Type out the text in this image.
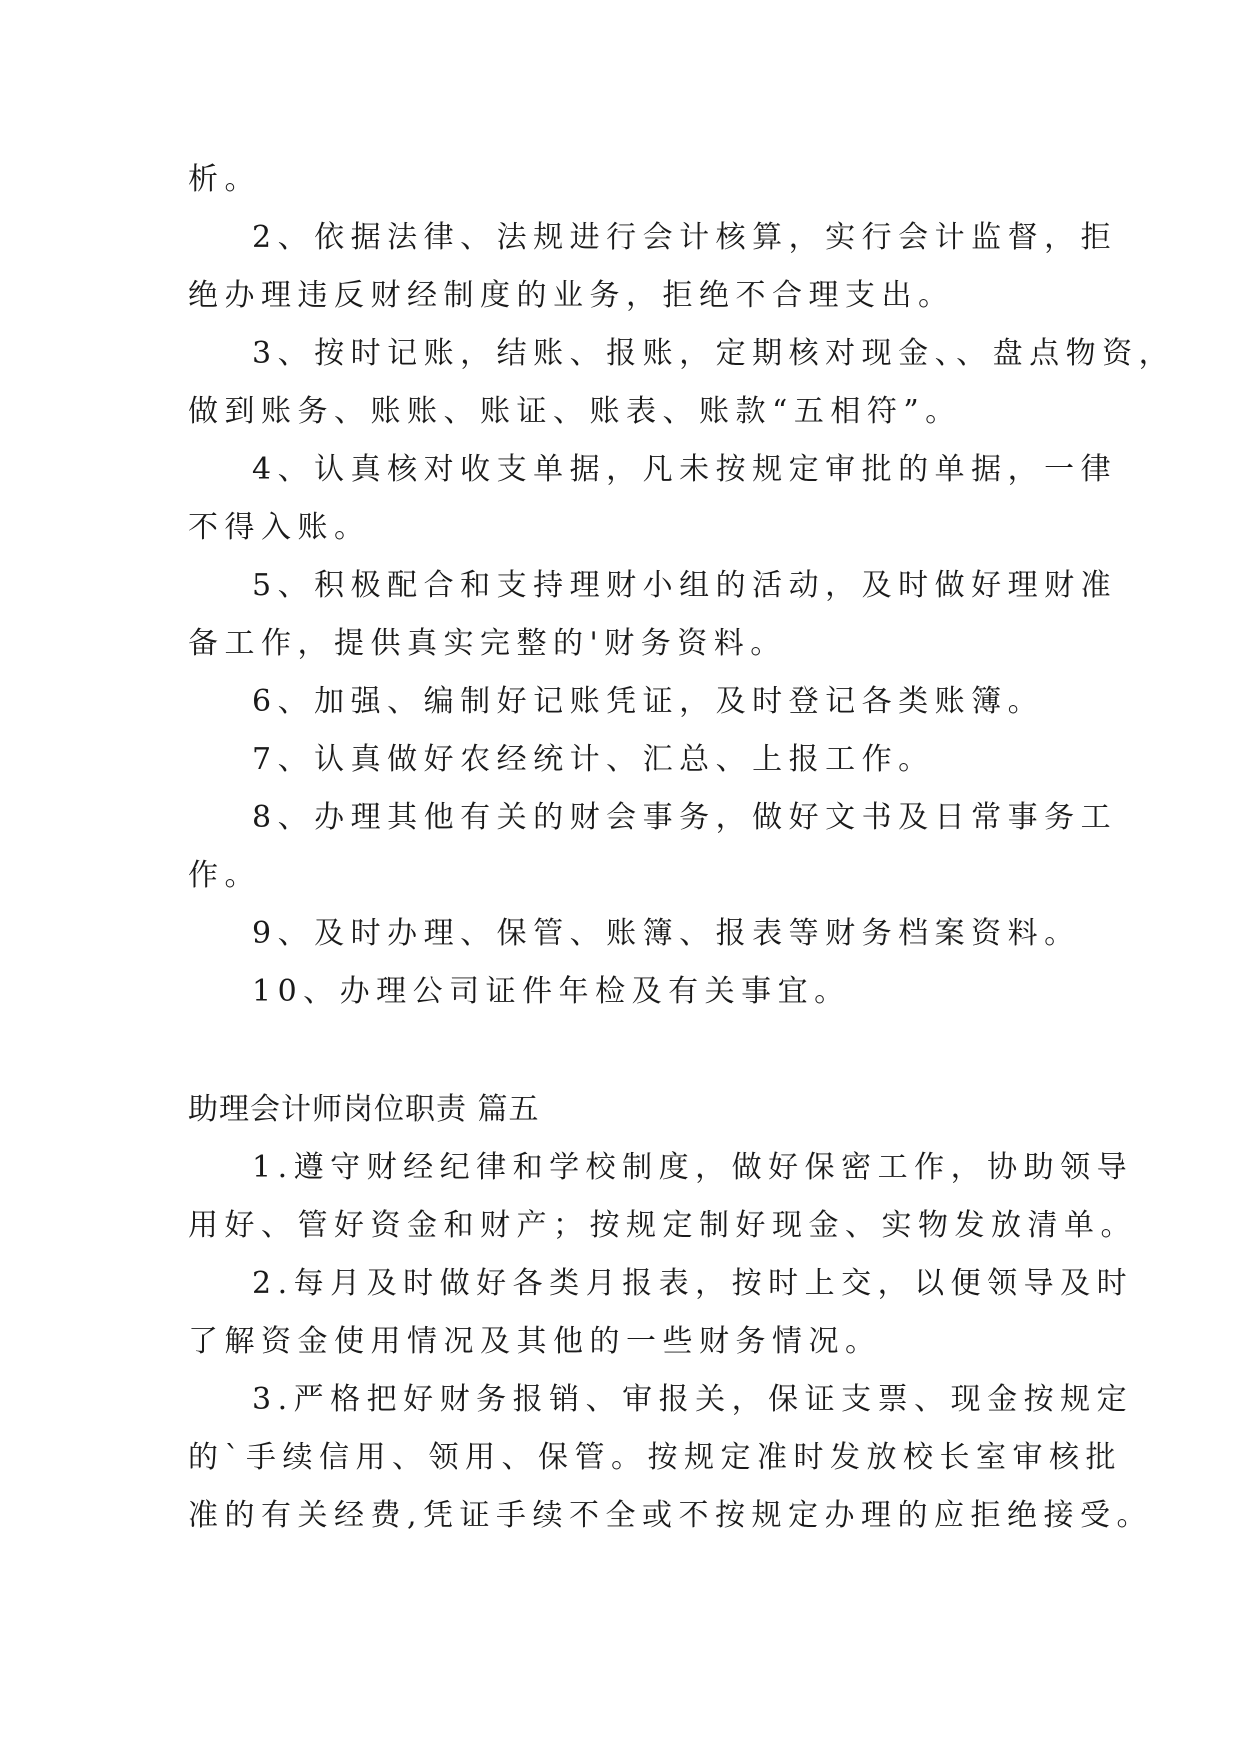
析。
2、依据法律、法规进行会计核算，实行会计监督，拒
绝办理违反财经制度的业务，拒绝不合理支出。
3、按时记账，结账、报账，定期核对现金、、盘点物资，
做到账务、账账、账证、账表、账款“五相符”。
4、认真核对收支单据，凡未按规定审批的单据，一律
不得入账。
5、积极配合和支持理财小组的活动，及时做好理财准
备工作，提供真实完整的'财务资料。
6、加强、编制好记账凭证，及时登记各类账簿。
7、认真做好农经统计、汇总、上报工作。
8、办理其他有关的财会事务，做好文书及日常事务工
作。
9、及时办理、保管、账簿、报表等财务档案资料。
10、办理公司证件年检及有关事宜。
助理会计师岗位职责 篇五
1.遵守财经纪律和学校制度，做好保密工作，协助领导
用好、管好资金和财产；按规定制好现金、实物发放清单。
2.每月及时做好各类月报表，按时上交，以便领导及时
了解资金使用情况及其他的一些财务情况。
3.严格把好财务报销、审报关，保证支票、现金按规定
的`手续信用、领用、保管。按规定准时发放校长室审核批
准的有关经费,凭证手续不全或不按规定办理的应拒绝接受。
